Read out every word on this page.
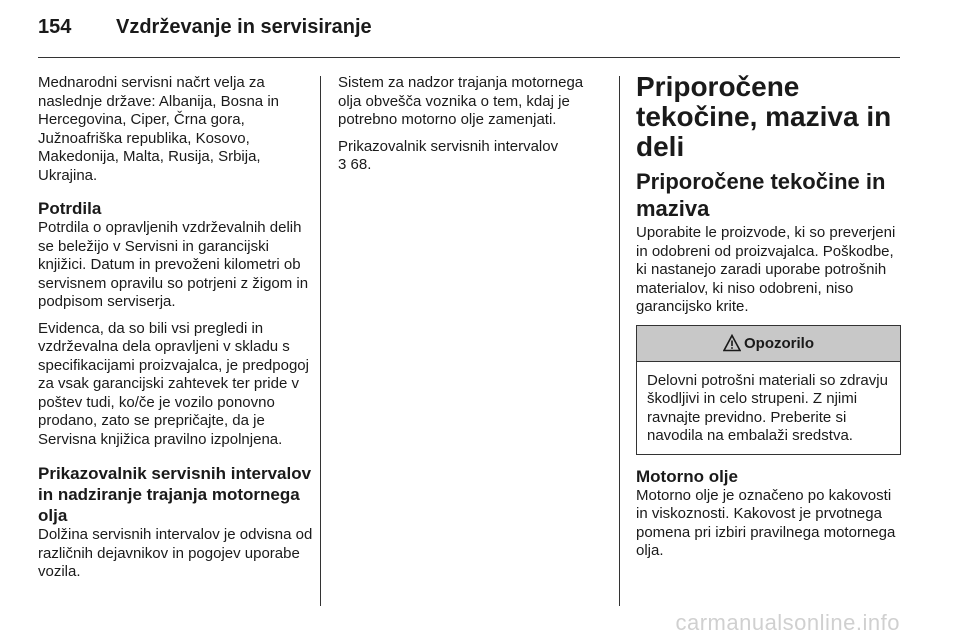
154	Vzdrževanje in servisiranje

Mednarodni servisni načrt velja za naslednje države: Albanija, Bosna in Hercegovina, Ciper, Črna gora, Južnoafriška republika, Kosovo, Makedonija, Malta, Rusija, Srbija, Ukrajina.

Potrdila

Potrdila o opravljenih vzdrževalnih delih se beležijo v Servisni in garancijski knjižici. Datum in prevoženi kilometri ob servisnem opravilu so potrjeni z žigom in podpisom serviserja.

Evidenca, da so bili vsi pregledi in vzdrževalna dela opravljeni v skladu s specifikacijami proizvajalca, je predpogoj za vsak garancijski zahtevek ter pride v poštev tudi, ko/če je vozilo ponovno prodano, zato se prepričajte, da je Servisna knjižica pravilno izpolnjena.

Prikazovalnik servisnih intervalov in nadziranje trajanja motornega olja

Dolžina servisnih intervalov je odvisna od različnih dejavnikov in pogojev uporabe vozila.

Sistem za nadzor trajanja motornega olja obvešča voznika o tem, kdaj je potrebno motorno olje zamenjati.

Prikazovalnik servisnih intervalov
3 68.

Priporočene tekočine, maziva in deli
Priporočene tekočine in maziva

Uporabite le proizvode, ki so preverjeni in odobreni od proizvajalca. Poškodbe, ki nastanejo zaradi uporabe potrošnih materialov, ki niso odobreni, niso garancijsko krite.

Opozorilo
Delovni potrošni materiali so zdravju škodljivi in celo strupeni. Z njimi ravnajte previdno. Preberite si navodila na embalaži sredstva.
Motorno olje

Motorno olje je označeno po kakovosti in viskoznosti. Kakovost je prvotnega pomena pri izbiri pravilnega motornega olja.

carmanualsonline.info
